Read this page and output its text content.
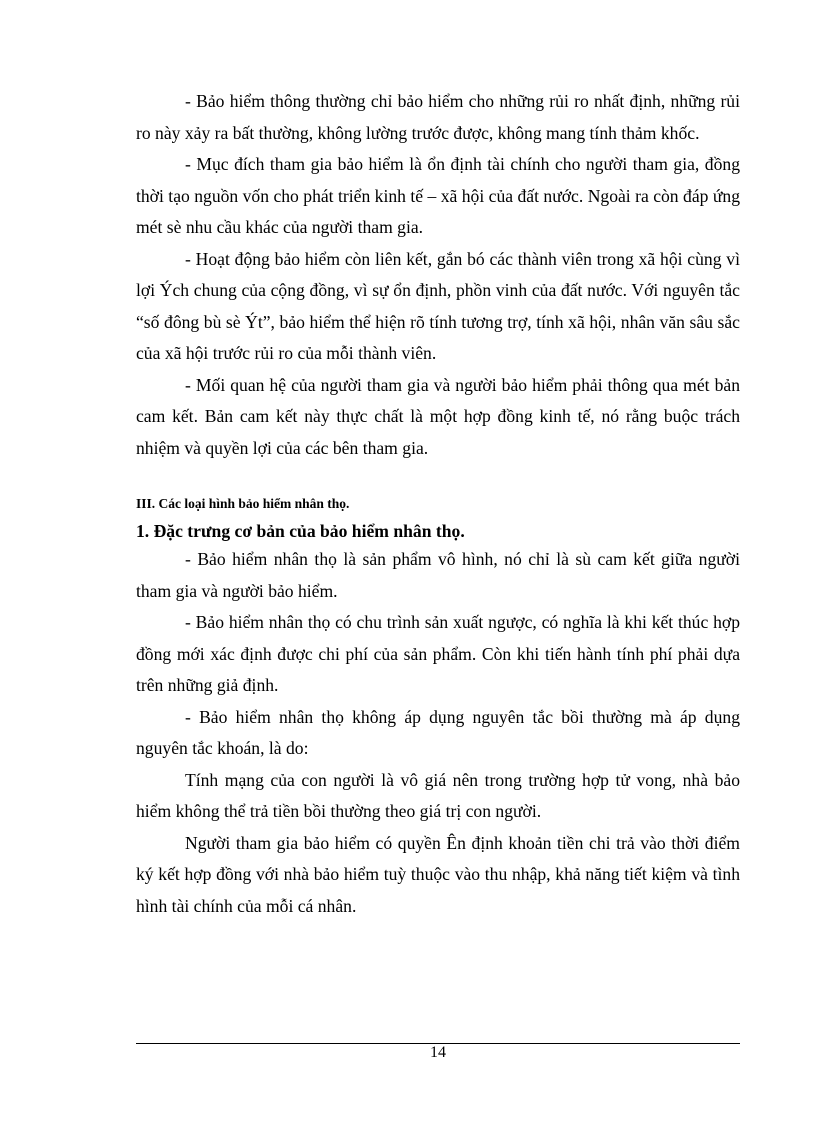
- Bảo hiểm thông thường chỉ bảo hiểm cho những rủi ro nhất định, những rủi ro này xảy ra bất thường, không lường trước được, không mang tính thảm khốc.

- Mục đích tham gia bảo hiểm là ổn định tài chính cho người tham gia, đồng thời tạo nguồn vốn cho phát triển kinh tế – xã hội của đất nước. Ngoài ra còn đáp ứng mét sè nhu cầu khác của người tham gia.

- Hoạt động bảo hiểm còn liên kết, gắn bó các thành viên trong xã hội cùng vì lợi Ých chung của cộng đồng, vì sự ổn định, phồn vinh của đất nước. Với nguyên tắc “số đông bù sè Ýt”, bảo hiểm thể hiện rõ tính tương trợ, tính xã hội, nhân văn sâu sắc của xã hội trước rủi ro của mỗi thành viên.

- Mối quan hệ của người tham gia và người bảo hiểm phải thông qua mét bản cam kết. Bản cam kết này thực chất là một hợp đồng kinh tế, nó rằng buộc trách nhiệm và quyền lợi của các bên tham gia.

III. Các loại hình bảo hiểm nhân thọ.

1. Đặc trưng cơ bản của bảo hiểm nhân thọ.

- Bảo hiểm nhân thọ là sản phẩm vô hình, nó chỉ là sù cam kết giữa người tham gia và người bảo hiểm.

- Bảo hiểm nhân thọ có chu trình sản xuất ngược, có nghĩa là khi kết thúc hợp đồng mới xác định được chi phí của sản phẩm. Còn khi tiến hành tính phí phải dựa trên những giả định.

- Bảo hiểm nhân thọ không áp dụng nguyên tắc bồi thường mà áp dụng nguyên tắc khoán, là do:

Tính mạng của con người là vô giá nên trong trường hợp tử vong, nhà bảo hiểm không thể trả tiền bồi thường theo giá trị con người.

Người tham gia bảo hiểm có quyền Ên định khoản tiền chi trả vào thời điểm ký kết hợp đồng với nhà bảo hiểm tuỳ thuộc vào thu nhập, khả năng tiết kiệm và tình hình tài chính của mỗi cá nhân.

14
